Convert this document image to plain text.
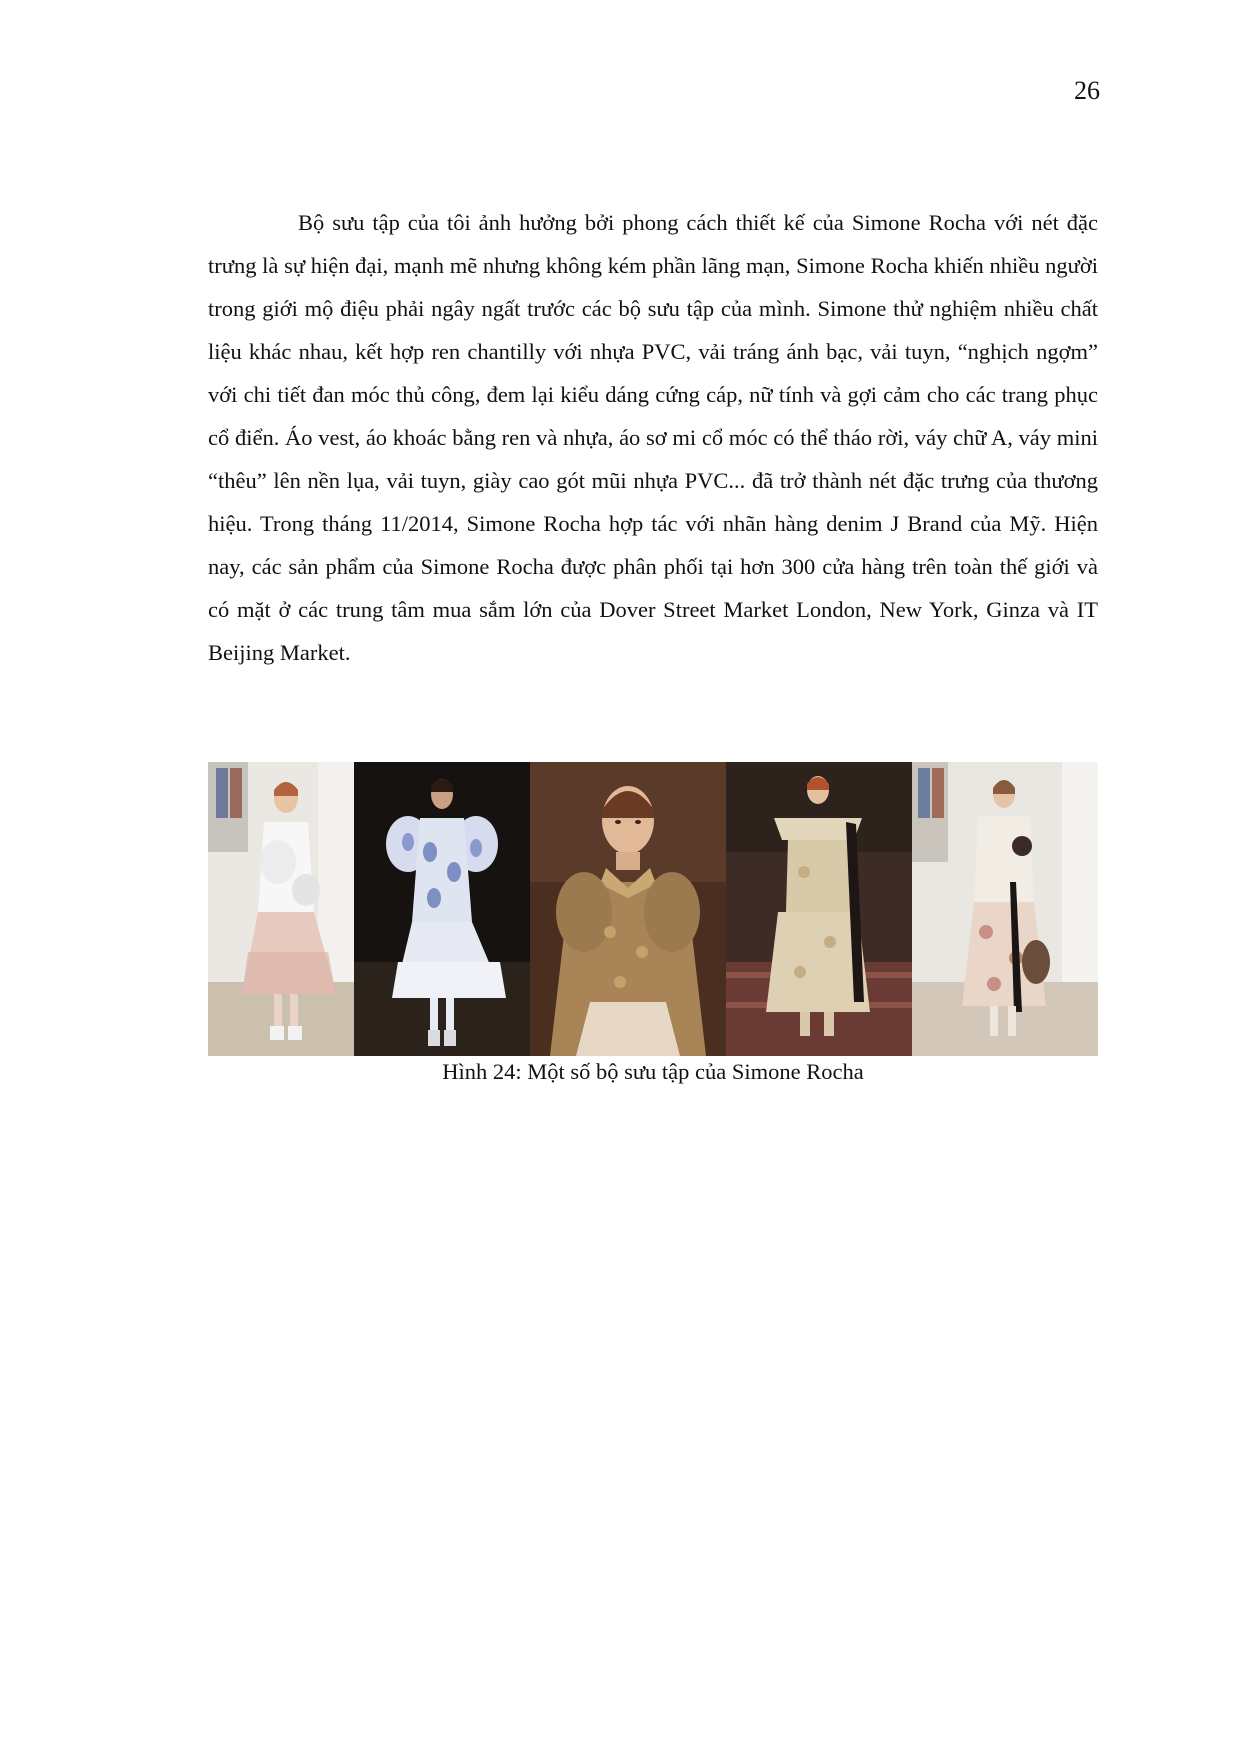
26

Bộ sưu tập của tôi ảnh hưởng bởi phong cách thiết kế của Simone Rocha với nét đặc trưng là sự hiện đại, mạnh mẽ nhưng không kém phần lãng mạn, Simone Rocha khiến nhiều người trong giới mộ điệu phải ngây ngất trước các bộ sưu tập của mình. Simone thử nghiệm nhiều chất liệu khác nhau, kết hợp ren chantilly với nhựa PVC, vải tráng ánh bạc, vải tuyn, “nghịch ngợm” với chi tiết đan móc thủ công, đem lại kiểu dáng cứng cáp, nữ tính và gợi cảm cho các trang phục cổ điển. Áo vest, áo khoác bằng ren và nhựa, áo sơ mi cổ móc có thể tháo rời, váy chữ A, váy mini “thêu” lên nền lụa, vải tuyn, giày cao gót mũi nhựa PVC... đã trở thành nét đặc trưng của thương hiệu. Trong tháng 11/2014, Simone Rocha hợp tác với nhãn hàng denim J Brand của Mỹ. Hiện nay, các sản phẩm của Simone Rocha được phân phối tại hơn 300 cửa hàng trên toàn thế giới và có mặt ở các trung tâm mua sắm lớn của Dover Street Market London, New York, Ginza và IT Beijing Market.

Hình 24: Một số bộ sưu tập của Simone Rocha
